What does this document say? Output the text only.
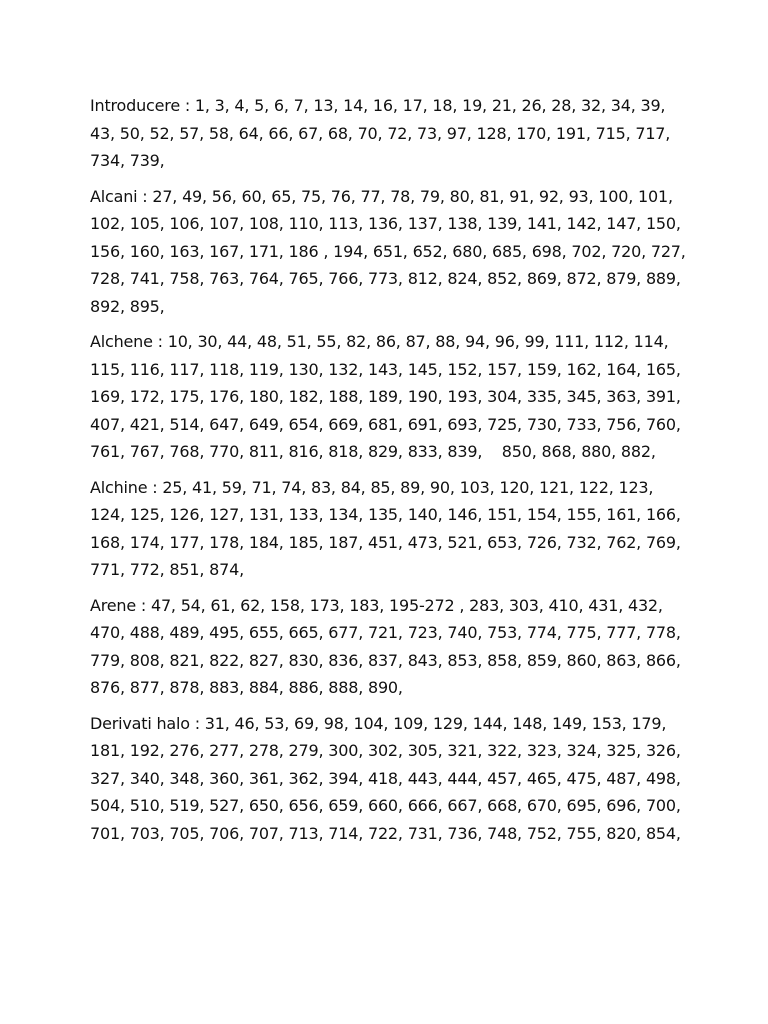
Introducere : 1, 3, 4, 5, 6, 7, 13, 14, 16, 17, 18, 19, 21, 26, 28, 32, 34, 39, 43, 50, 52, 57, 58, 64, 66, 67, 68, 70, 72, 73, 97, 128, 170, 191, 715, 717, 734, 739,

Alcani : 27, 49, 56, 60, 65, 75, 76, 77, 78, 79, 80, 81, 91, 92, 93, 100, 101, 102, 105, 106, 107, 108, 110, 113, 136, 137, 138, 139, 141, 142, 147, 150, 156, 160, 163, 167, 171, 186 , 194, 651, 652, 680, 685, 698, 702, 720, 727, 728, 741, 758, 763, 764, 765, 766, 773, 812, 824, 852, 869, 872, 879, 889, 892, 895,

Alchene : 10, 30, 44, 48, 51, 55, 82, 86, 87, 88, 94, 96, 99, 111, 112, 114, 115, 116, 117, 118, 119, 130, 132, 143, 145, 152, 157, 159, 162, 164, 165, 169, 172, 175, 176, 180, 182, 188, 189, 190, 193, 304, 335, 345, 363, 391, 407, 421, 514, 647, 649, 654, 669, 681, 691, 693, 725, 730, 733, 756, 760, 761, 767, 768, 770, 811, 816, 818, 829, 833, 839,    850, 868, 880, 882,

Alchine : 25, 41, 59, 71, 74, 83, 84, 85, 89, 90, 103, 120, 121, 122, 123, 124, 125, 126, 127, 131, 133, 134, 135, 140, 146, 151, 154, 155, 161, 166, 168, 174, 177, 178, 184, 185, 187, 451, 473, 521, 653, 726, 732, 762, 769, 771, 772, 851, 874,

Arene : 47, 54, 61, 62, 158, 173, 183, 195-272 , 283, 303, 410, 431, 432, 470, 488, 489, 495, 655, 665, 677, 721, 723, 740, 753, 774, 775, 777, 778, 779, 808, 821, 822, 827, 830, 836, 837, 843, 853, 858, 859, 860, 863, 866, 876, 877, 878, 883, 884, 886, 888, 890,

Derivati halo : 31, 46, 53, 69, 98, 104, 109, 129, 144, 148, 149, 153, 179, 181, 192, 276, 277, 278, 279, 300, 302, 305, 321, 322, 323, 324, 325, 326, 327, 340, 348, 360, 361, 362, 394, 418, 443, 444, 457, 465, 475, 487, 498, 504, 510, 519, 527, 650, 656, 659, 660, 666, 667, 668, 670, 695, 696, 700, 701, 703, 705, 706, 707, 713, 714, 722, 731, 736, 748, 752, 755, 820, 854,
